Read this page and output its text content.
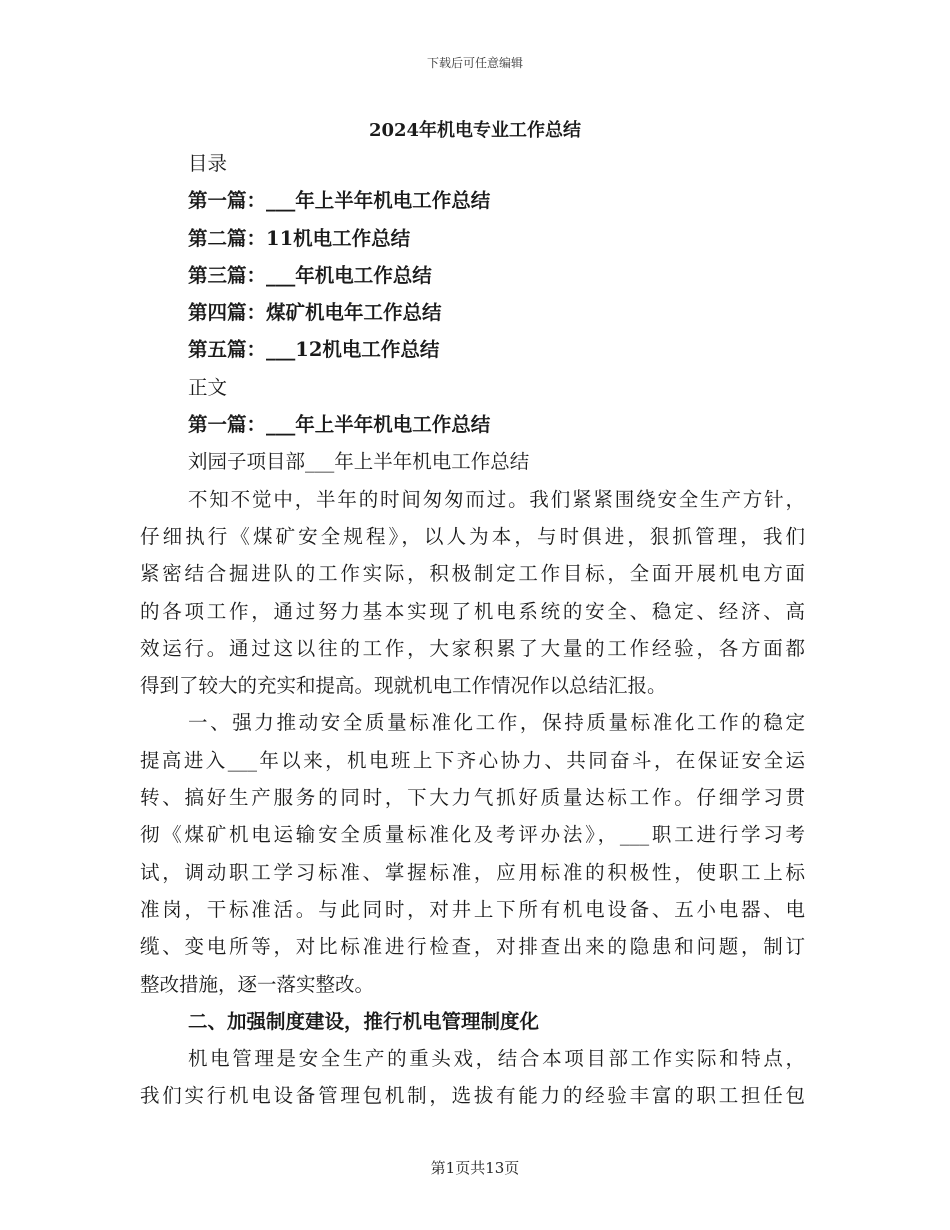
下载后可任意编辑
2024年机电专业工作总结
目录
第一篇：___年上半年机电工作总结
第二篇：11机电工作总结
第三篇：___年机电工作总结
第四篇：煤矿机电年工作总结
第五篇：___12机电工作总结
正文
第一篇：___年上半年机电工作总结
刘园子项目部___年上半年机电工作总结
不知不觉中，半年的时间匆匆而过。我们紧紧围绕安全生产方针，
仔细执行《煤矿安全规程》，以人为本，与时俱进，狠抓管理，我们
紧密结合掘进队的工作实际，积极制定工作目标，全面开展机电方面
的各项工作，通过努力基本实现了机电系统的安全、稳定、经济、高
效运行。通过这以往的工作，大家积累了大量的工作经验，各方面都
得到了较大的充实和提高。现就机电工作情况作以总结汇报。
一、强力推动安全质量标准化工作，保持质量标准化工作的稳定
提高进入___年以来，机电班上下齐心协力、共同奋斗，在保证安全运
转、搞好生产服务的同时，下大力气抓好质量达标工作。仔细学习贯
彻《煤矿机电运输安全质量标准化及考评办法》，___职工进行学习考
试，调动职工学习标准、掌握标准，应用标准的积极性，使职工上标
准岗，干标准活。与此同时，对井上下所有机电设备、五小电器、电
缆、变电所等，对比标准进行检查，对排查出来的隐患和问题，制订
整改措施，逐一落实整改。
二、加强制度建设，推行机电管理制度化
机电管理是安全生产的重头戏，结合本项目部工作实际和特点，
我们实行机电设备管理包机制，选拔有能力的经验丰富的职工担任包
第1页共13页
